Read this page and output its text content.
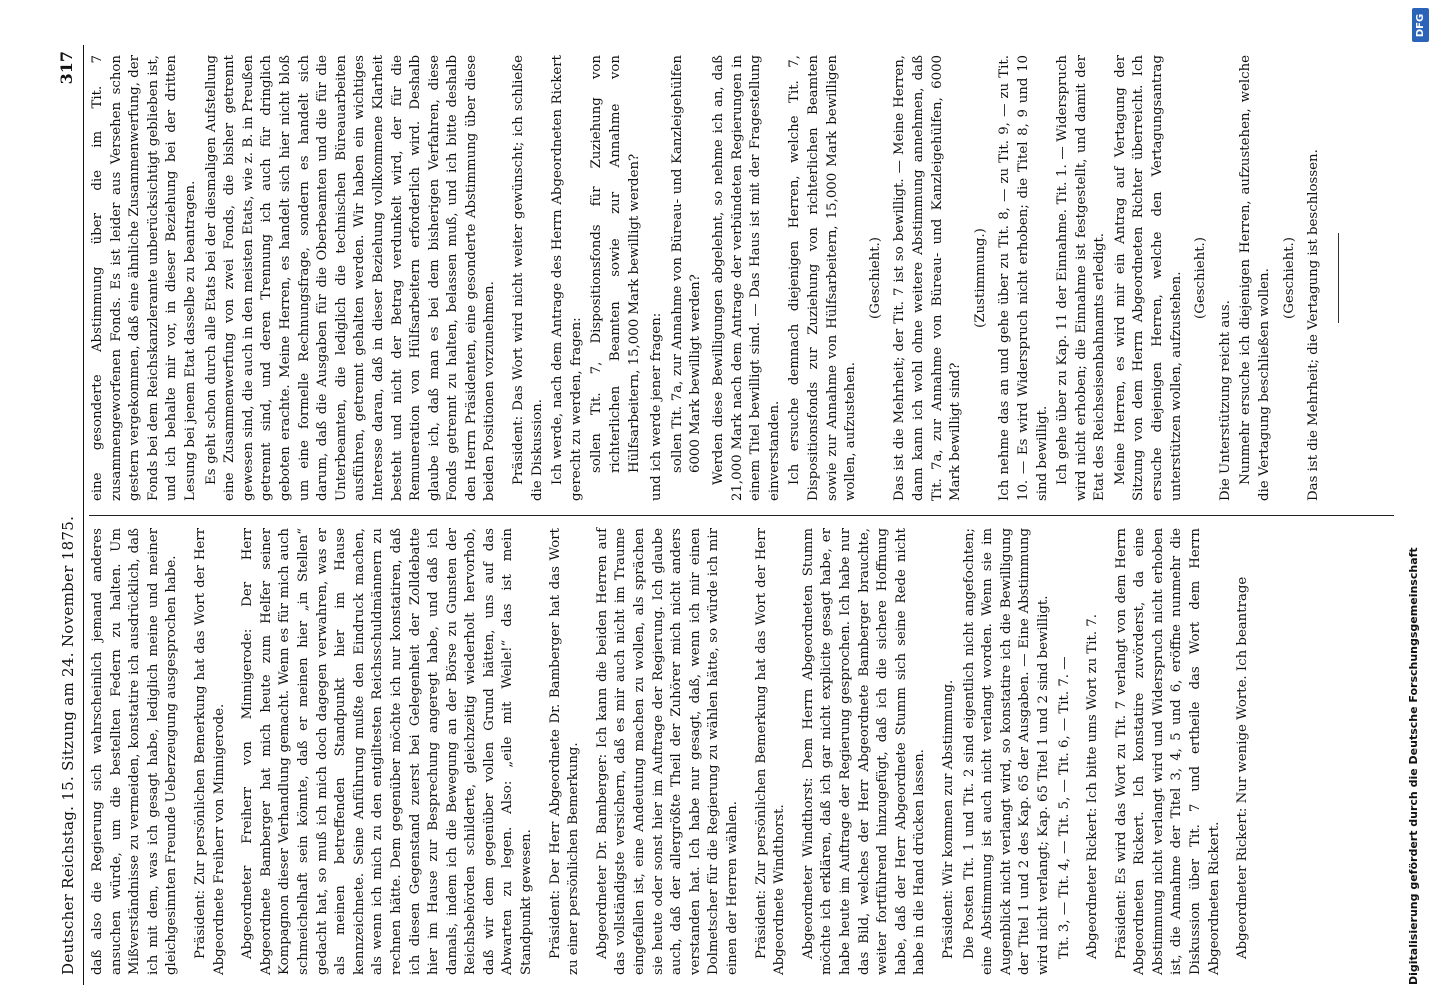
Deutscher Reichstag. 15. Sitzung am 24. November 1875.
317

daß also die Regierung sich wahrscheinlich jemand anderes ansuchen würde, um die bestellten Federn zu halten. Um Mißverständnisse zu vermeiden, konstatire ich ausdrücklich, daß ich mit dem, was ich gesagt habe, lediglich meine und meiner gleichgesinnten Freunde Ueberzeugung ausgesprochen habe. Präsident: Zur persönlichen Bemerkung hat das Wort der Herr Abgeordnete Freiherr von Minnigerode. Abgeordneter Freiherr von Minnigerode: Der Herr Abgeordnete Bamberger hat mich heute zum Helfer seiner Kompagnon dieser Verhandlung gemacht. Wenn es für mich auch schmeichelhaft sein könnte, daß er meinen hier „in Stellen“ gedacht hat, so muß ich mich doch dagegen verwahren, was er als meinen betreffenden Standpunkt hier im Hause kennzeichnete. Seine Anführung mußte den Eindruck machen, als wenn ich mich zu den entgiltesten Reichsschuldmännern zu rechnen hätte. Dem gegenüber möchte ich nur konstatiren, daß ich diesen Gegenstand zuerst bei Gelegenheit der Zolldebatte hier im Hause zur Besprechung angeregt habe, und daß ich damals, indem ich die Bewegung an der Börse zu Gunsten der Reichsbehörden schilderte, gleichzeitig wiederholt hervorhob, daß wir dem gegenüber vollen Grund hätten, uns auf das Abwarten zu legen. Also: „eile mit Weile!“ das ist mein Standpunkt gewesen. Präsident: Der Herr Abgeordnete Dr. Bamberger hat das Wort zu einer persönlichen Bemerkung. Abgeordneter Dr. Bamberger: Ich kann die beiden Herren auf das vollständigste versichern, daß es mir auch nicht im Traume eingefallen ist, eine Andeutung machen zu wollen, als sprächen sie heute oder sonst hier im Auftrage der Regierung. Ich glaube auch, daß der allergrößte Theil der Zuhörer mich nicht anders verstanden hat. Ich habe nur gesagt, daß, wenn ich mir einen Dolmetscher für die Regierung zu wählen hätte, so würde ich mir einen der Herren wählen. Präsident: Zur persönlichen Bemerkung hat das Wort der Herr Abgeordnete Windthorst. Abgeordneter Windthorst: Dem Herrn Abgeordneten Stumm möchte ich erklären, daß ich gar nicht explicite gesagt habe, er habe heute im Auftrage der Regierung gesprochen. Ich habe nur das Bild, welches der Herr Abgeordnete Bamberger brauchte, weiter fortführend hinzugefügt, daß ich die sichere Hoffnung habe, daß der Herr Abgeordnete Stumm sich seine Rede nicht habe in die Hand drücken lassen. Präsident: Wir kommen zur Abstimmung. Die Posten Tit. 1 und Tit. 2 sind eigentlich nicht angefochten; eine Abstimmung ist auch nicht verlangt worden. Wenn sie im Augenblick nicht verlangt wird, so konstatire ich die Bewilligung der Titel 1 und 2 des Kap. 65 der Ausgaben. — Eine Abstimmung wird nicht verlangt; Kap. 65 Titel 1 und 2 sind bewilligt. Tit. 3, — Tit. 4, — Tit. 5, — Tit. 6, — Tit. 7. — Abgeordneter Rickert: Ich bitte ums Wort zu Tit. 7. Präsident: Es wird das Wort zu Tit. 7 verlangt von dem Herrn Abgeordneten Rickert. Ich konstatire zuvörderst, da eine Abstimmung nicht verlangt wird und Widerspruch nicht erhoben ist, die Annahme der Titel 3, 4, 5 und 6, eröffne nunmehr die Diskussion über Tit. 7 und ertheile das Wort dem Herrn Abgeordneten Rickert. Abgeordneter Rickert: Nur wenige Worte. Ich beantrage

eine gesonderte Abstimmung über die im Tit. 7 zusammengeworfenen Fonds. Es ist leider aus Versehen schon gestern vergekommen, daß eine ähnliche Zusammenwerfung, der Fonds bei dem Reichskanzleramte unberücksichtigt geblieben ist, und ich behalte mir vor, in dieser Beziehung bei der dritten Lesung bei jenem Etat dasselbe zu beantragen. Es geht schon durch alle Etats bei der diesmaligen Aufstellung eine Zusammenwerfung von zwei Fonds, die bisher getrennt gewesen sind, die auch in den meisten Etats, wie z. B. in Preußen getrennt sind, und deren Trennung ich auch für dringlich geboten erachte. Meine Herren, es handelt sich hier nicht bloß um eine formelle Rechnungsfrage, sondern es handelt sich darum, daß die Ausgaben für die Oberbeamten und die für die Unterbeamten, die lediglich die technischen Büreauarbeiten ausführen, getrennt gehalten werden. Wir haben ein wichtiges Interesse daran, daß in dieser Beziehung vollkommene Klarheit besteht und nicht der Betrag verdunkelt wird, der für die Remuneration von Hülfsarbeitern erforderlich wird. Deshalb glaube ich, daß man es bei dem bisherigen Verfahren, diese Fonds getrennt zu halten, belassen muß, und ich bitte deshalb den Herrn Präsidenten, eine gesonderte Abstimmung über diese beiden Positionen vorzunehmen. Präsident: Das Wort wird nicht weiter gewünscht; ich schließe die Diskussion. Ich werde, nach dem Antrage des Herrn Abgeordneten Rickert gerecht zu werden, fragen: sollen Tit. 7, Dispositionsfonds für Zuziehung von richterlichen Beamten sowie zur Annahme von Hülfsarbeitern, 15,000 Mark bewilligt werden? und ich werde jener fragen: sollen Tit. 7a, zur Annahme von Büreau- und Kanzleigehülfen 6000 Mark bewilligt werden? Werden diese Bewilligungen abgelehnt, so nehme ich an, daß 21,000 Mark nach dem Antrage der verbündeten Regierungen in einem Titel bewilligt sind. — Das Haus ist mit der Fragestellung einverstanden. Ich ersuche demnach diejenigen Herren, welche Tit. 7, Dispositionsfonds zur Zuziehung von richterlichen Beamten sowie zur Annahme von Hülfsarbeitern, 15,000 Mark bewilligen wollen, aufzustehen.

(Geschieht.) Das ist die Mehrheit; der Tit. 7 ist so bewilligt. — Meine Herren, dann kann ich wohl ohne weitere Abstimmung annehmen, daß Tit. 7a, zur Annahme von Büreau- und Kanzleigehülfen, 6000 Mark bewilligt sind?

(Zustimmung.) Ich nehme das an und gehe über zu Tit. 8, — zu Tit. 9, — zu Tit. 10. — Es wird Widerspruch nicht erhoben; die Titel 8, 9 und 10 sind bewilligt. Ich gehe über zu Kap. 11 der Einnahme. Tit. 1. — Widerspruch wird nicht erhoben; die Einnahme ist festgestellt, und damit der Etat des Reichseisenbahnamts erledigt. Meine Herren, es wird mir ein Antrag auf Vertagung der Sitzung von dem Herrn Abgeordneten Richter überreicht. Ich ersuche diejenigen Herren, welche den Vertagungsantrag unterstützen wollen, aufzustehen. (Geschieht.)

Die Unterstützung reicht aus. Nunmehr ersuche ich diejenigen Herren, aufzustehen, welche die Vertagung beschließen wollen. (Geschieht.) Das ist die Mehrheit; die Vertagung ist beschlossen.

Digitalisierung gefördert durch die Deutsche Forschungsgemeinschaft
DFG
